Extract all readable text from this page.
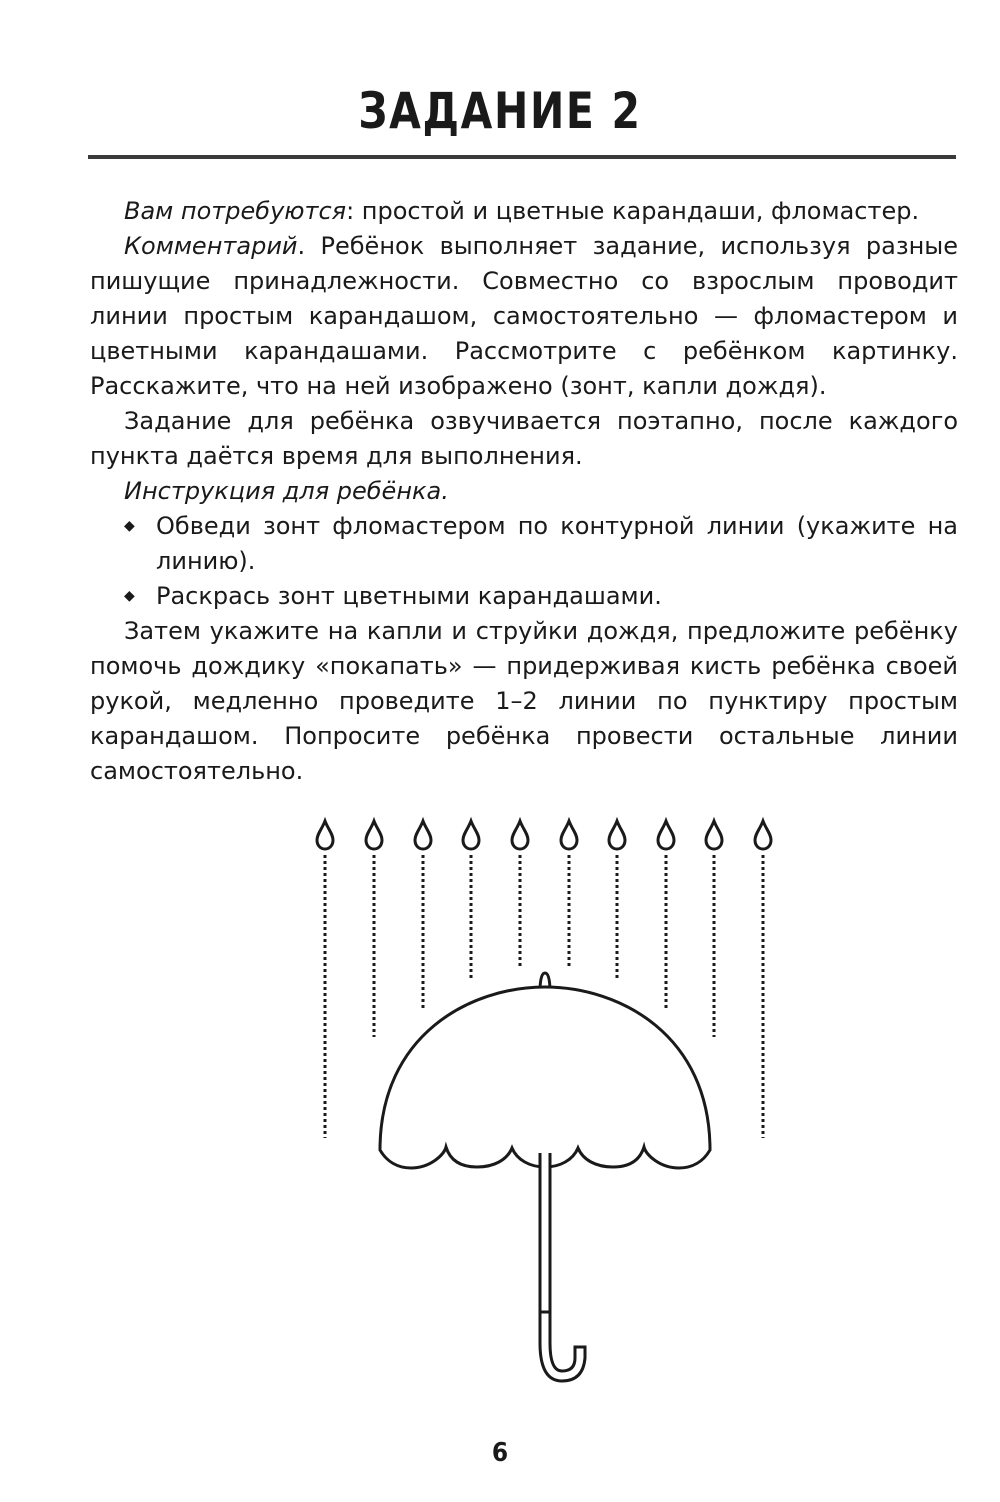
ЗАДАНИЕ 2

Вам потребуются: простой и цветные карандаши, фломастер.

Комментарий. Ребёнок выполняет задание, используя разные пишущие принадлежности. Совместно со взрослым проводит линии простым карандашом, самостоятельно — фломастером и цветными карандашами. Рассмотрите с ребёнком картинку. Расскажите, что на ней изображено (зонт, капли дождя).

Задание для ребёнка озвучивается поэтапно, после каждого пункта даётся время для выполнения.

Инструкция для ребёнка.

◆ Обведи зонт фломастером по контурной линии (укажите на линию).
◆ Раскрась зонт цветными карандашами.

Затем укажите на капли и струйки дождя, предложите ребёнку помочь дождику «покапать» — придерживая кисть ребёнка своей рукой, медленно проведите 1–2 линии по пунктиру простым карандашом. Попросите ребёнка провести остальные линии самостоятельно.

6
